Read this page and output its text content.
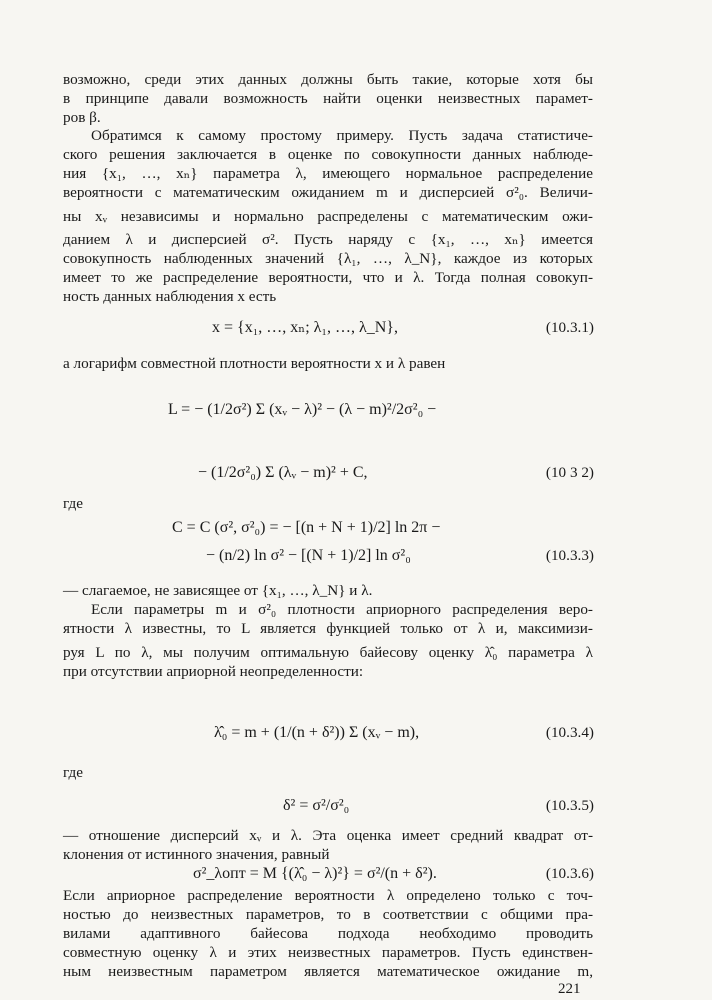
возможно, среди этих данных должны быть такие, которые хотя бы
в принципе давали возможность найти оценки неизвестных парамет-
ров β.
Обратимся к самому простому примеру. Пусть задача статистиче-
ского решения заключается в оценке по совокупности данных наблюде-
ния {x₁, …, xₙ} параметра λ, имеющего нормальное распределение
вероятности с математическим ожиданием m и дисперсией σ²₀. Величи-
ны xᵥ независимы и нормально распределены с математическим ожи-
данием λ и дисперсией σ². Пусть наряду с {x₁, …, xₙ} имеется
совокупность наблюденных значений {λ₁, …, λ_N}, каждое из которых
имеет то же распределение вероятности, что и λ. Тогда полная совокуп-
ность данных наблюдения x есть
x = {x₁, …, xₙ; λ₁, …, λ_N},	(10.3.1)
а логарифм совместной плотности вероятности x и λ равен
L = − (1/2σ²) Σ (xᵥ − λ)² − (λ − m)²/2σ²₀ −
− (1/2σ²₀) Σ (λᵥ − m)² + C,	(10 3 2)
где
C = C (σ², σ²₀) = − [(n + N + 1)/2] ln 2π −
− (n/2) ln σ² − [(N + 1)/2] ln σ²₀	(10.3.3)
— слагаемое, не зависящее от {x₁, …, λ_N} и λ.
Если параметры m и σ²₀ плотности априорного распределения веро-
ятности λ известны, то L является функцией только от λ и, максимизи-
руя L по λ, мы получим оптимальную байесову оценку λ̂₀ параметра λ
при отсутствии априорной неопределенности:
λ̂₀ = m + (1/(n + δ²)) Σ (xᵥ − m),	(10.3.4)
где
δ² = σ²/σ²₀	(10.3.5)
— отношение дисперсий xᵥ и λ. Эта оценка имеет средний квадрат от-
клонения от истинного значения, равный
σ²_λопт = M {(λ̂₀ − λ)²} = σ²/(n + δ²).	(10.3.6)
Если априорное распределение вероятности λ определено только с точ-
ностью до неизвестных параметров, то в соответствии с общими пра-
вилами адаптивного байесова подхода необходимо проводить
совместную оценку λ и этих неизвестных параметров. Пусть единствен-
ным неизвестным параметром является математическое ожидание m,
221
